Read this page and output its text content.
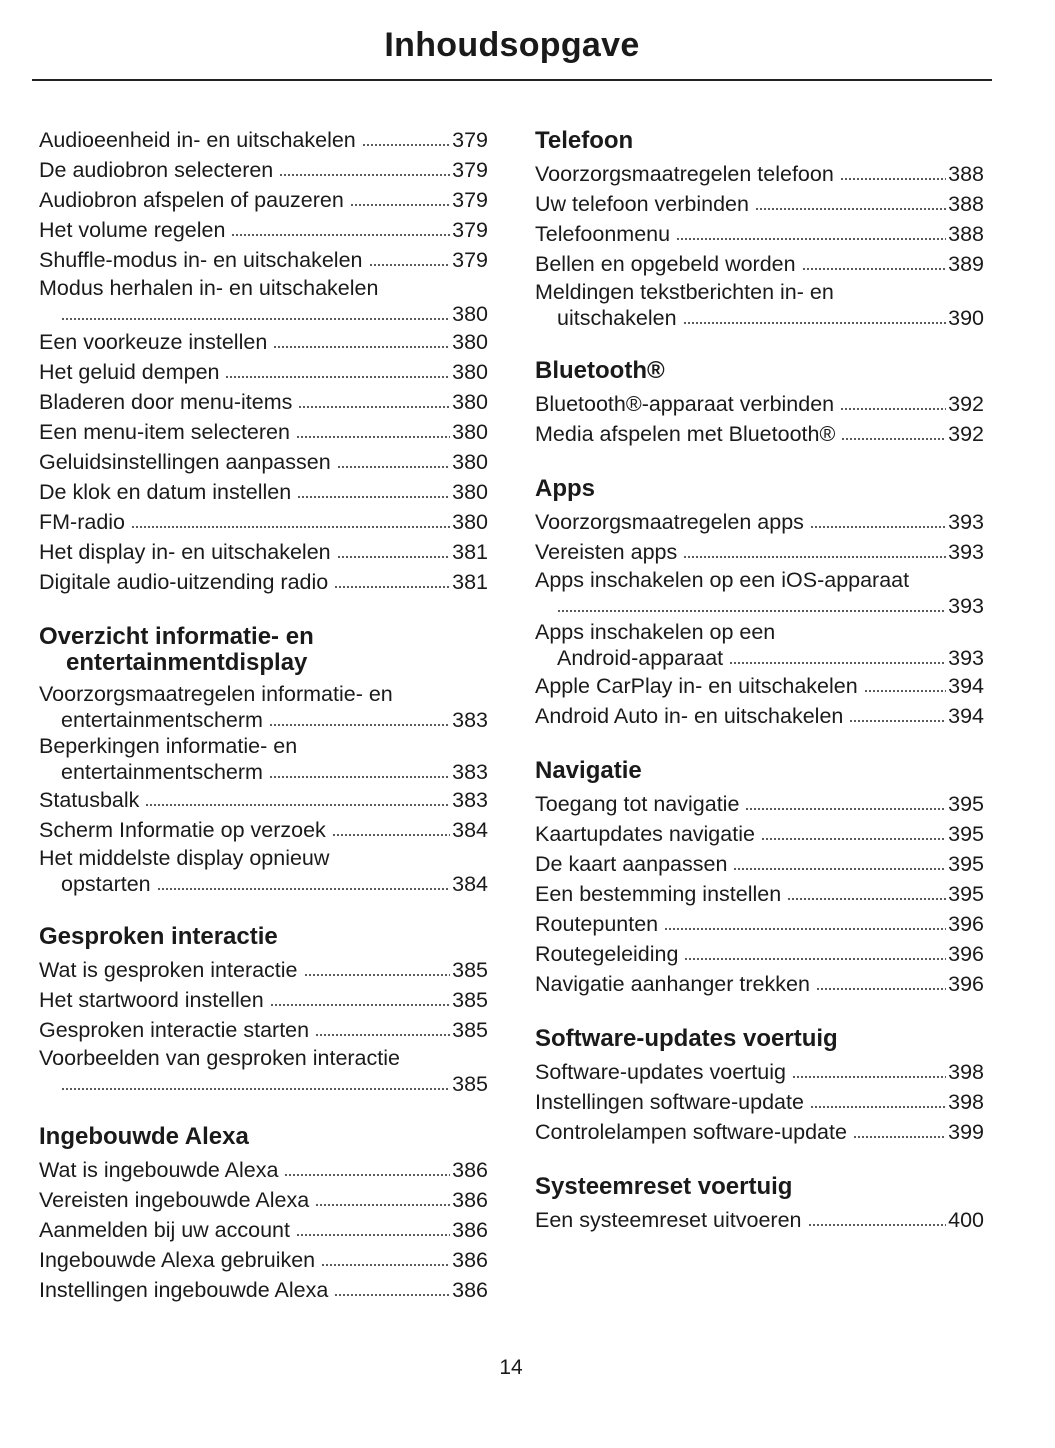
Inhoudsopgave
Audioeenheid in- en uitschakelen	379
De audiobron selecteren	379
Audiobron afspelen of pauzeren	379
Het volume regelen	379
Shuffle-modus in- en uitschakelen	379
Modus herhalen in- en uitschakelen
380
Een voorkeuze instellen	380
Het geluid dempen	380
Bladeren door menu-items	380
Een menu-item selecteren	380
Geluidsinstellingen aanpassen	380
De klok en datum instellen	380
FM-radio	380
Het display in- en uitschakelen	381
Digitale audio-uitzending radio	381
Overzicht informatie- en
entertainmentdisplay
Voorzorgsmaatregelen informatie- en
entertainmentscherm	383
Beperkingen informatie- en
entertainmentscherm	383
Statusbalk	383
Scherm Informatie op verzoek	384
Het middelste display opnieuw
opstarten	384
Gesproken interactie
Wat is gesproken interactie	385
Het startwoord instellen	385
Gesproken interactie starten	385
Voorbeelden van gesproken interactie
385
Ingebouwde Alexa
Wat is ingebouwde Alexa	386
Vereisten ingebouwde Alexa	386
Aanmelden bij uw account	386
Ingebouwde Alexa gebruiken	386
Instellingen ingebouwde Alexa	386
Telefoon
Voorzorgsmaatregelen telefoon	388
Uw telefoon verbinden	388
Telefoonmenu	388
Bellen en opgebeld worden	389
Meldingen tekstberichten in- en
uitschakelen	390
Bluetooth®
Bluetooth®-apparaat verbinden	392
Media afspelen met Bluetooth®	392
Apps
Voorzorgsmaatregelen apps	393
Vereisten apps	393
Apps inschakelen op een iOS-apparaat
393
Apps inschakelen op een
Android-apparaat	393
Apple CarPlay in- en uitschakelen	394
Android Auto in- en uitschakelen	394
Navigatie
Toegang tot navigatie	395
Kaartupdates navigatie	395
De kaart aanpassen	395
Een bestemming instellen	395
Routepunten	396
Routegeleiding	396
Navigatie aanhanger trekken	396
Software-updates voertuig
Software-updates voertuig	398
Instellingen software-update	398
Controlelampen software-update	399
Systeemreset voertuig
Een systeemreset uitvoeren	400
14
